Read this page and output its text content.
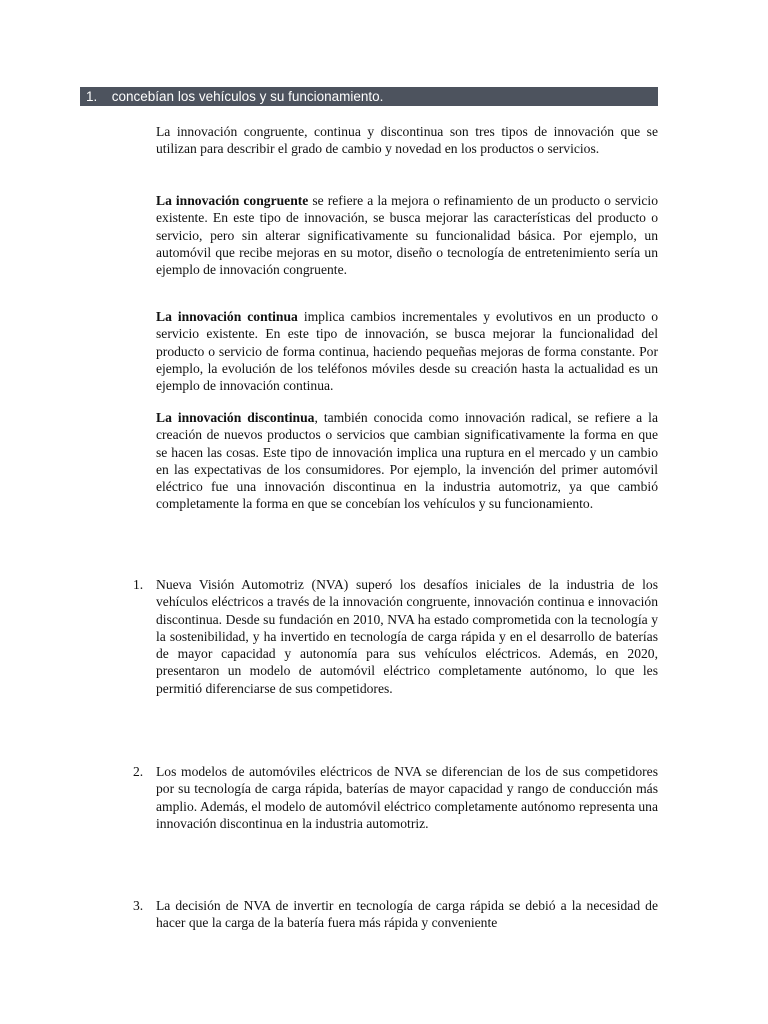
1. concebían los vehículos y su funcionamiento.

La innovación congruente, continua y discontinua son tres tipos de innovación que se utilizan para describir el grado de cambio y novedad en los productos o servicios.

La innovación congruente se refiere a la mejora o refinamiento de un producto o servicio existente. En este tipo de innovación, se busca mejorar las características del producto o servicio, pero sin alterar significativamente su funcionalidad básica. Por ejemplo, un automóvil que recibe mejoras en su motor, diseño o tecnología de entretenimiento sería un ejemplo de innovación congruente.

La innovación continua implica cambios incrementales y evolutivos en un producto o servicio existente. En este tipo de innovación, se busca mejorar la funcionalidad del producto o servicio de forma continua, haciendo pequeñas mejoras de forma constante. Por ejemplo, la evolución de los teléfonos móviles desde su creación hasta la actualidad es un ejemplo de innovación continua.

La innovación discontinua, también conocida como innovación radical, se refiere a la creación de nuevos productos o servicios que cambian significativamente la forma en que se hacen las cosas. Este tipo de innovación implica una ruptura en el mercado y un cambio en las expectativas de los consumidores. Por ejemplo, la invención del primer automóvil eléctrico fue una innovación discontinua en la industria automotriz, ya que cambió completamente la forma en que se concebían los vehículos y su funcionamiento.

1. Nueva Visión Automotriz (NVA) superó los desafíos iniciales de la industria de los vehículos eléctricos a través de la innovación congruente, innovación continua e innovación discontinua. Desde su fundación en 2010, NVA ha estado comprometida con la tecnología y la sostenibilidad, y ha invertido en tecnología de carga rápida y en el desarrollo de baterías de mayor capacidad y autonomía para sus vehículos eléctricos. Además, en 2020, presentaron un modelo de automóvil eléctrico completamente autónomo, lo que les permitió diferenciarse de sus competidores.
2. Los modelos de automóviles eléctricos de NVA se diferencian de los de sus competidores por su tecnología de carga rápida, baterías de mayor capacidad y rango de conducción más amplio. Además, el modelo de automóvil eléctrico completamente autónomo representa una innovación discontinua en la industria automotriz.
3. La decisión de NVA de invertir en tecnología de carga rápida se debió a la necesidad de hacer que la carga de la batería fuera más rápida y conveniente
